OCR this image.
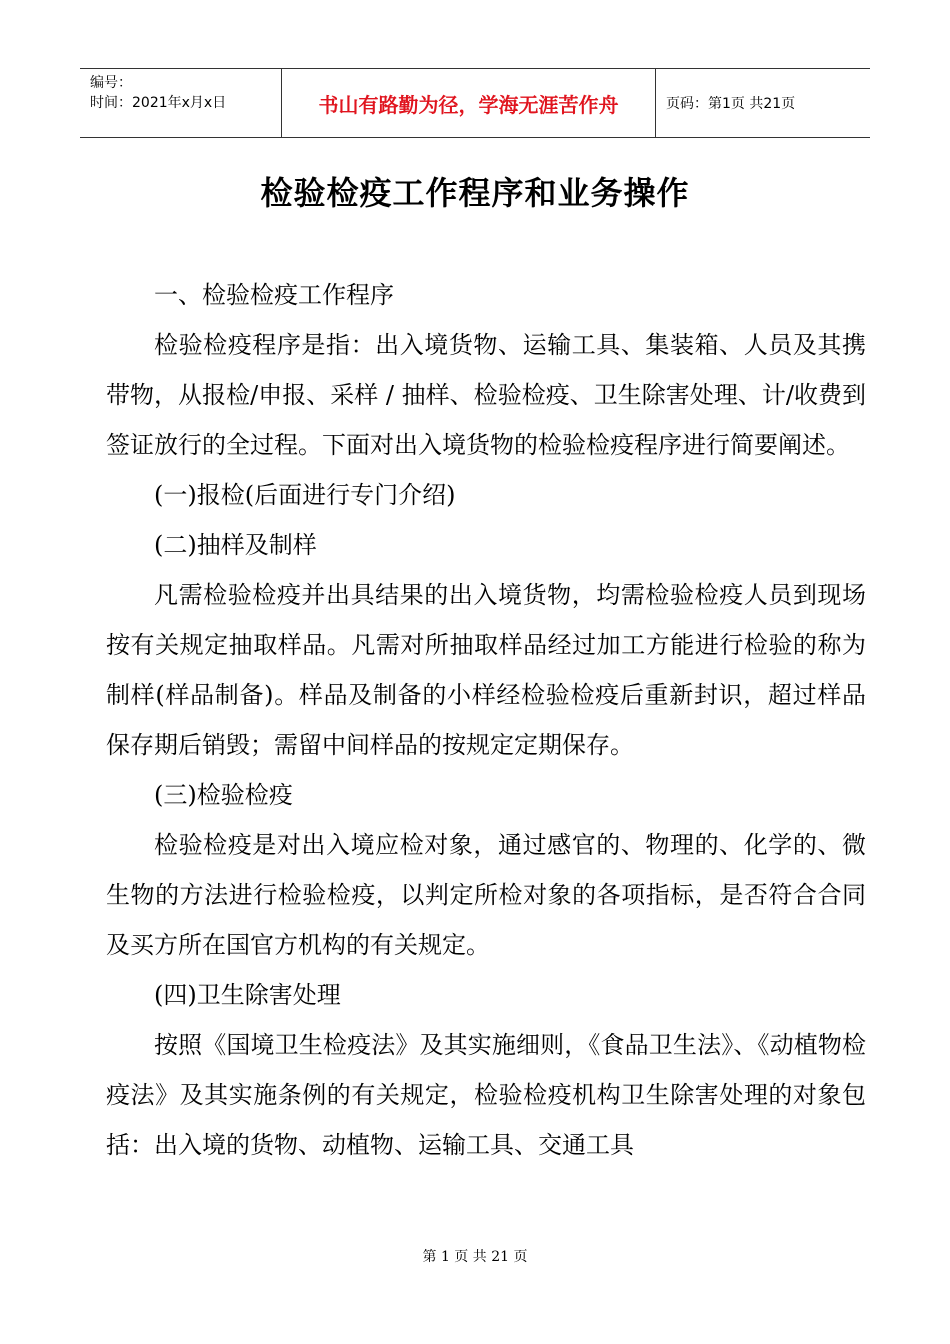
编号：
时间：2021年x月x日	书山有路勤为径，学海无涯苦作舟	页码：第1页 共21页
检验检疫工作程序和业务操作

一、检验检疫工作程序

检验检疫程序是指：出入境货物、运输工具、集装箱、人员及其携带物，从报检/申报、采样 / 抽样、检验检疫、卫生除害处理、计/收费到签证放行的全过程。下面对出入境货物的检验检疫程序进行简要阐述。

(一)报检(后面进行专门介绍)

(二)抽样及制样

凡需检验检疫并出具结果的出入境货物，均需检验检疫人员到现场按有关规定抽取样品。凡需对所抽取样品经过加工方能进行检验的称为制样(样品制备)。样品及制备的小样经检验检疫后重新封识，超过样品保存期后销毁；需留中间样品的按规定定期保存。

(三)检验检疫

检验检疫是对出入境应检对象，通过感官的、物理的、化学的、微生物的方法进行检验检疫，以判定所检对象的各项指标，是否符合合同及买方所在国官方机构的有关规定。

(四)卫生除害处理

按照《国境卫生检疫法》及其实施细则，《食品卫生法》、《动植物检疫法》及其实施条例的有关规定，检验检疫机构卫生除害处理的对象包括：出入境的货物、动植物、运输工具、交通工具

第 1 页 共 21 页
